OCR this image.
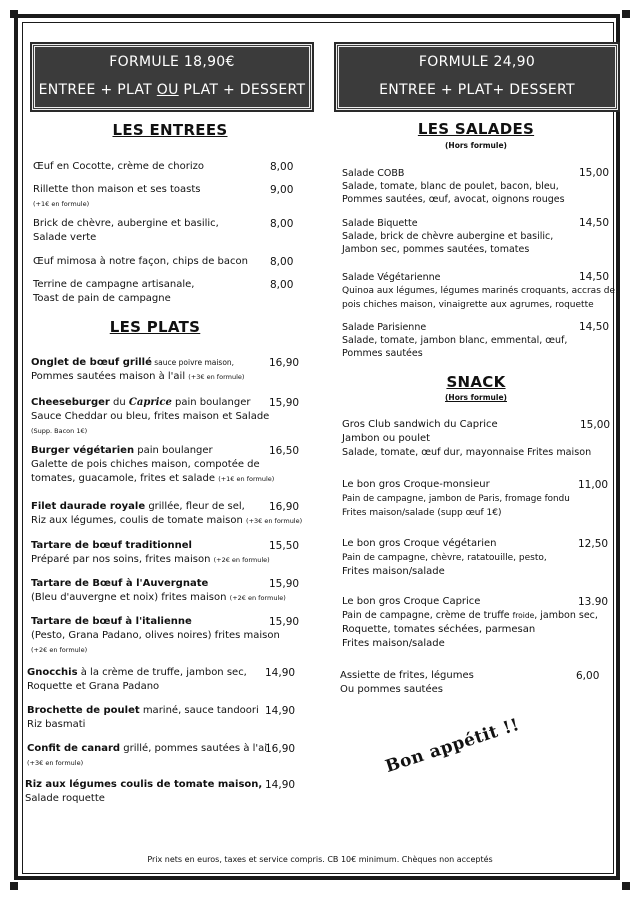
FORMULE 18,90€
ENTREE + PLAT OU PLAT + DESSERT
FORMULE 24,90
ENTREE + PLAT+ DESSERT
LES ENTREES
Œuf en Cocotte, crème de chorizo	8,00
Rillette thon maison et ses toasts
(+1€ en formule)
9,00
Brick de chèvre, aubergine et basilic,
Salade verte
8,00
Œuf mimosa à notre façon, chips de bacon 8,00
Terrine de campagne artisanale,
Toast de pain de campagne
8,00
LES PLATS
Onglet de bœuf grillé sauce poivre maison,
Pommes sautées maison à l'ail (+3€ en formule)
16,90
Cheeseburger du Caprice pain boulanger
Sauce Cheddar ou bleu, frites maison et Salade
(Supp. Bacon 1€)
15,90
Burger végétarien pain boulanger
Galette de pois chiches maison, compotée de
tomates, guacamole, frites et salade (+1€ en formule)
16,50
Filet daurade royale grillée, fleur de sel,
Riz aux légumes, coulis de tomate maison (+3€ en formule)
16,90
Tartare de bœuf traditionnel
Préparé par nos soins, frites maison (+2€ en formule)
15,50
Tartare de Bœuf à l'Auvergnate
(Bleu d'auvergne et noix) frites maison (+2€ en formule)
15,90
Tartare de bœuf à l'italienne
(Pesto, Grana Padano, olives noires) frites maison
(+2€ en formule)
15,90
Gnocchis à la crème de truffe, jambon sec,
Roquette et Grana Padano
14,90
Brochette de poulet mariné, sauce tandoori
Riz basmati
14,90
Confit de canard grillé, pommes sautées à l'ail
(+3€ en formule)
16,90
Riz aux légumes coulis de tomate maison,
Salade roquette
14,90
LES SALADES
(Hors formule)
Salade COBB
Salade, tomate, blanc de poulet, bacon, bleu,
Pommes sautées, œuf, avocat, oignons rouges
15,00
Salade Biquette
Salade, brick de chèvre aubergine et basilic,
Jambon sec, pommes sautées, tomates
14,50
Salade Végétarienne
Quinoa aux légumes, légumes marinés croquants, accras de
pois chiches maison, vinaigrette aux agrumes, roquette
14,50
Salade Parisienne
Salade, tomate, jambon blanc, emmental, œuf,
Pommes sautées
14,50
SNACK
(Hors formule)
Gros Club sandwich du Caprice
Jambon ou poulet
Salade, tomate, œuf dur, mayonnaise Frites maison
15,00
Le bon gros Croque-monsieur
Pain de campagne, jambon de Paris, fromage fondu
Frites maison/salade (supp œuf 1€)
11,00
Le bon gros Croque végétarien
Pain de campagne, chèvre, ratatouille, pesto,
Frites maison/salade
12,50
Le bon gros Croque Caprice
Pain de campagne, crème de truffe froide, jambon sec,
Roquette, tomates séchées, parmesan
Frites maison/salade
13.90
Assiette de frites, légumes
Ou pommes sautées
6,00
Bon appétit !!
Prix nets en euros, taxes et service compris. CB 10€ minimum. Chèques non acceptés
